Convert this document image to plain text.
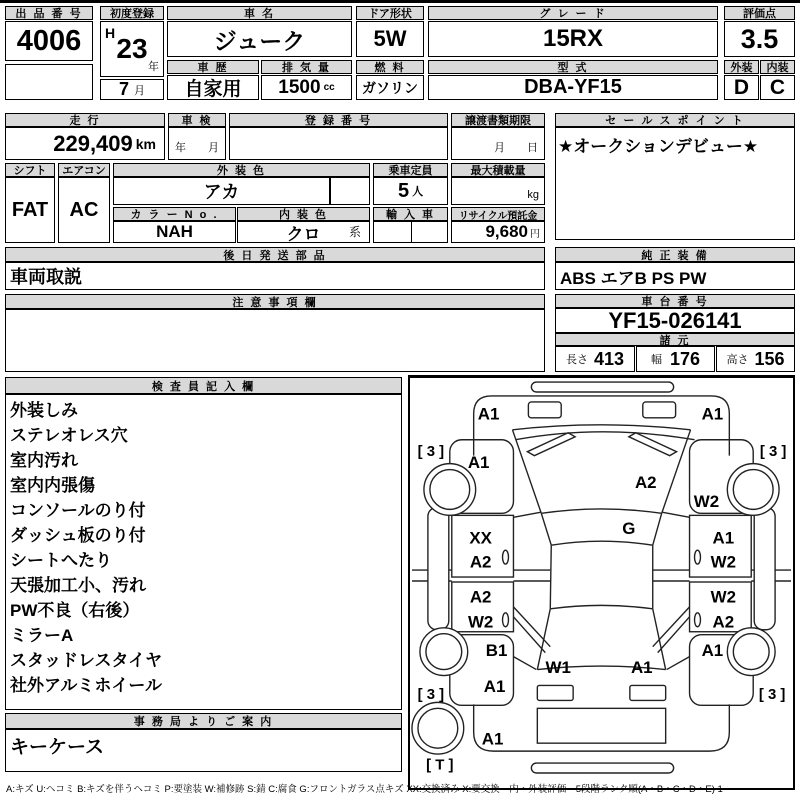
出 品 番 号
4006
初度登録
H 23
年
7 月
車 名
ジューク
車 歴	排 気 量
自家用 1500 cc
ドア形状
5W
燃 料
ガソリン
グ レ ー ド
15RX
型 式
DBA-YF15
評価点
3.5
外装	内装
D C
走 行
229,409 km
車 検
年　　月
登 録 番 号	譲渡書類期限
月　　日
セ ー ル ス ポ イ ン ト
★オークションデビュー★
シフト
FAT
エアコン
AC
外 装 色
アカ
カ ラ ー N o .	内 装 色
NAH	クロ 系
乗車定員
5 人
最大積載量
kg
輸 入 車	リサイクル預託金
9,680 円
後 日 発 送 部 品
車両取説
純 正 装 備
ABS エアB PS PW
注 意 事 項 欄	車 台 番 号
YF15-026141
諸 元
長さ 413 幅 176 高さ 156
検 査 員 記 入 欄
外装しみ
ステレオレス穴
室内汚れ
室内内張傷
コンソールのり付
ダッシュ板のり付
シートへたり
天張加工小、汚れ
PW不良（右後）
ミラーA
スタッドレスタイヤ
社外アルミホイール
事 務 局 よ り ご 案 内
キーケース
A1	A1
[ 3 ]	[ 3 ]
A1
A2
W2
G
XX
A2
A1
W2
A2
W2
W2
A2
B1	A1
W1	A1
A1
[ 3 ]	[ 3 ]
A1
[ T ]
A:キズ U:ヘコミ B:キズを伴うヘコミ P:要塗装 W:補修跡 S:錆 C:腐食 G:フロントガラス点キズ XX:交換済み X:要交換　内・外装評価　5段階ランク順(A・B・C・D・E) 1
